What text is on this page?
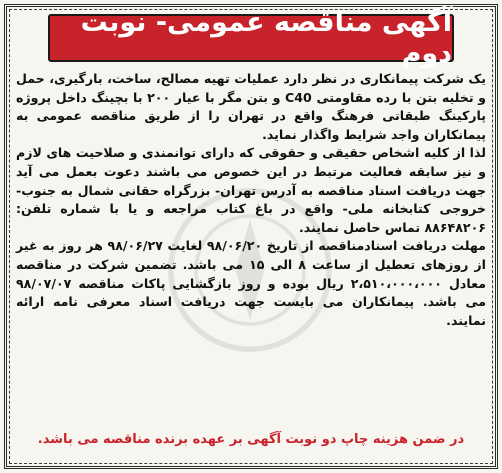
آگهی مناقصه عمومی- نوبت دوم

یک شرکت پیمانکاری در نظر دارد عملیات تهیه مصالح، ساخت، بارگیری، حمل و تخلیه بتن با رده مقاومتی C40 و بتن مگر با عیار ۲۰۰ با بچینگ داخل پروژه پارکینگ طبقاتی فرهنگ واقع در تهران را از طریق مناقصه عمومی به پیمانکاران واجد شرایط واگذار نماید.

لذا از کلیه اشخاص حقیقی و حقوقی که دارای توانمندی و صلاحیت های لازم و نیز سابقه فعالیت مرتبط در این خصوص می باشند دعوت بعمل می آید جهت دریافت اسناد مناقصه به آدرس تهران- بزرگراه حقانی شمال به جنوب- خروجی کتابخانه ملی- واقع در باغ کتاب مراجعه و یا با شماره تلفن: ۸۸۶۴۸۲۰۶ تماس حاصل نمایند.

مهلت دریافت اسنادمناقصه از تاریخ ۹۸/۰۶/۲۰ لغایت ۹۸/۰۶/۲۷ هر روز به غیر از روزهای تعطیل از ساعت ۸ الی ۱۵ می باشد. تضمین شرکت در مناقصه معادل ۲،۵۱۰،۰۰۰،۰۰۰ ریال بوده و روز بازگشایی پاکات مناقصه ۹۸/۰۷/۰۷ می باشد. پیمانکاران می بایست جهت دریافت اسناد معرفی نامه ارائه نمایند.

در ضمن هزینه چاپ دو نوبت آگهی بر عهده برنده مناقصه می باشد.
